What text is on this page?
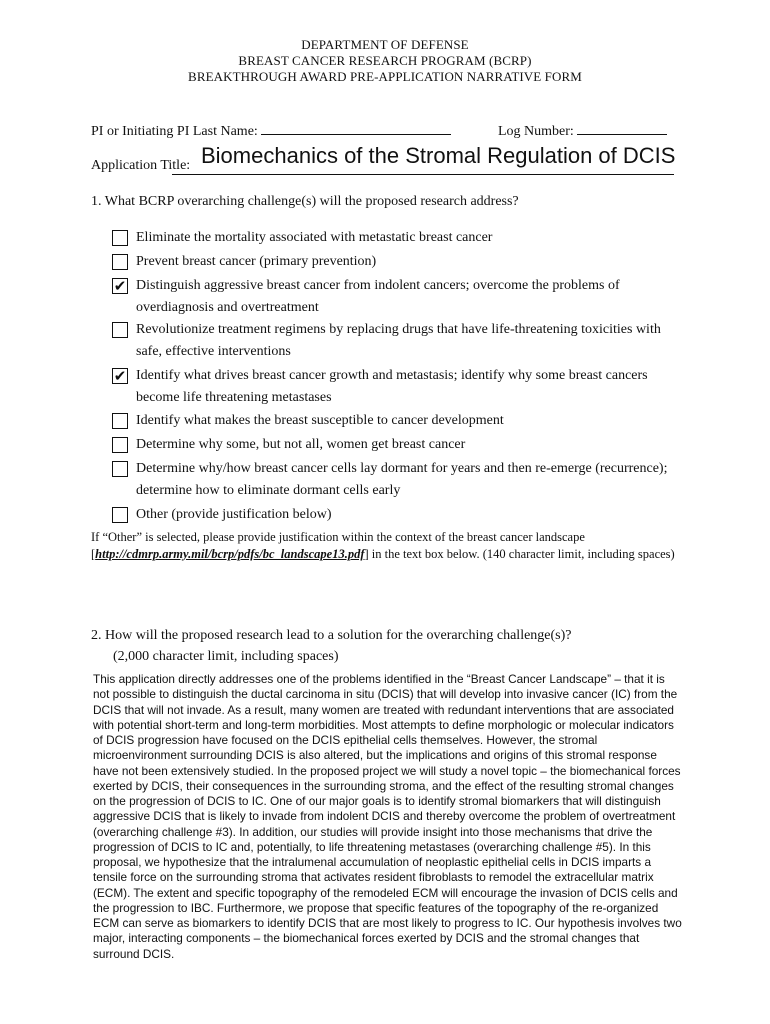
DEPARTMENT OF DEFENSE
BREAST CANCER RESEARCH PROGRAM (BCRP)
BREAKTHROUGH AWARD PRE-APPLICATION NARRATIVE FORM
PI or Initiating PI Last Name:	Log Number:
Application Title: Biomechanics of the Stromal Regulation of DCIS
1. What BCRP overarching challenge(s) will the proposed research address?
Eliminate the mortality associated with metastatic breast cancer
Prevent breast cancer (primary prevention)
✔ Distinguish aggressive breast cancer from indolent cancers; overcome the problems of overdiagnosis and overtreatment
Revolutionize treatment regimens by replacing drugs that have life-threatening toxicities with safe, effective interventions
✔ Identify what drives breast cancer growth and metastasis; identify why some breast cancers become life threatening metastases
Identify what makes the breast susceptible to cancer development
Determine why some, but not all, women get breast cancer
Determine why/how breast cancer cells lay dormant for years and then re-emerge (recurrence); determine how to eliminate dormant cells early
Other (provide justification below)
If “Other” is selected, please provide justification within the context of the breast cancer landscape [http://cdmrp.army.mil/bcrp/pdfs/bc_landscape13.pdf] in the text box below. (140 character limit, including spaces)
2. How will the proposed research lead to a solution for the overarching challenge(s)?
(2,000 character limit, including spaces)
This application directly addresses one of the problems identified in the “Breast Cancer Landscape” – that it is not possible to distinguish the ductal carcinoma in situ (DCIS) that will develop into invasive cancer (IC) from the DCIS that will not invade. As a result, many women are treated with redundant interventions that are associated with potential short-term and long-term morbidities. Most attempts to define morphologic or molecular indicators of DCIS progression have focused on the DCIS epithelial cells themselves. However, the stromal microenvironment surrounding DCIS is also altered, but the implications and origins of this stromal response have not been extensively studied. In the proposed project we will study a novel topic – the biomechanical forces exerted by DCIS, their consequences in the surrounding stroma, and the effect of the resulting stromal changes on the progression of DCIS to IC. One of our major goals is to identify stromal biomarkers that will distinguish aggressive DCIS that is likely to invade from indolent DCIS and thereby overcome the problem of overtreatment (overarching challenge #3). In addition, our studies will provide insight into those mechanisms that drive the progression of DCIS to IC and, potentially, to life threatening metastases (overarching challenge #5). In this proposal, we hypothesize that the intralumenal accumulation of neoplastic epithelial cells in DCIS imparts a tensile force on the surrounding stroma that activates resident fibroblasts to remodel the extracellular matrix (ECM). The extent and specific topography of the remodeled ECM will encourage the invasion of DCIS cells and the progression to IBC. Furthermore, we propose that specific features of the topography of the re-organized ECM can serve as biomarkers to identify DCIS that are most likely to progress to IC. Our hypothesis involves two major, interacting components – the biomechanical forces exerted by DCIS and the stromal changes that surround DCIS.
